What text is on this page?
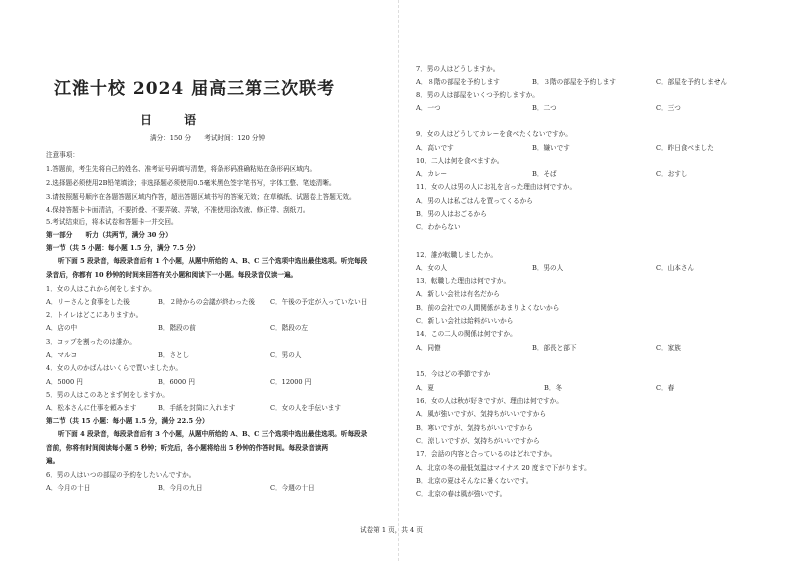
江淮十校 2024 届高三第三次联考
日 语
满分：150 分　　考试时间：120 分钟
注意事项：
1.答题前，考生先将自己的姓名、准考证号码填写清楚，将条形码准确粘贴在条形码区域内。
2.选择题必须使用2B铅笔填涂；非选择题必须使用0.5毫米黑色签字笔书写，字体工整、笔迹清晰。
3.请按照题号顺序在各题答题区域内作答，超出答题区域书写的答案无效；在草稿纸、试题卷上答题无效。
4.保持答题卡卡面清洁，不要折叠、不要弄破、弄皱，不准使用涂改液、修正带、刮纸刀。
5.考试结束后，将本试卷和答题卡一并交回。
第一部分　　听力（共两节，满分 30 分）
第一节（共 5 小题：每小题 1.5 分，满分 7.5 分）
听下面 5 段录音，每段录音后有 1 个小题，从题中所给的 A、B、C 三个选项中选出最佳选项。听完每段
录音后，你都有 10 秒钟的时间来回答有关小题和阅读下一小题。每段录音仅读一遍。
1．女の人はこれから何をしますか。
A．リーさんと食事をした後	B．２時からの会議が終わった後 C．午後の予定が入っていない日
2．トイレはどこにありますか。
A．店の中	B．階段の前	C．階段の左
3．コップを割ったのは誰か。
A．マルコ	B．さとし	C．男の人
4．女の人のかばんはいくらで買いましたか。
A．5000 円	B．6000 円	C．12000 円
5．男の人はこのあとまず何をしますか。
A．松本さんに仕事を頼みます	B．手紙を封筒に入れます	C．女の人を手伝います
第二节（共 15 小题：每小题 1.5 分，满分 22.5 分）
听下面 4 段录音，每段录音后有 3 个小题，从题中所给的 A、B、C 三个选项中选出最佳选项。听每段录
音前，你将有时间阅读每小题 5 秒钟；听完后，各小题将给出 5 秒钟的作答时间。每段录音读两
遍。
6．男の人はいつの部屋の予約をしたいんですか。
A．今月の十日	B．今月の九日	C．今週の十日
7．男の人はどうしますか。
A．８階の部屋を予約します	B．３階の部屋を予約します	C．部屋を予約しません
8．男の人は部屋をいくつ予約しますか。
A．一つ	B．二つ	C．三つ
9．女の人はどうしてカレーを食べたくないですか。
A．高いです	B．嫌いです	C．昨日食べました
10．二人は何を食べますか。
A．カレー	B．そば	C．おすし
11．女の人は男の人にお礼を言った理由は何ですか。
A．男の人は私ごはんを買ってくるから
B．男の人はおごるから
C．わからない
12．誰が転職しましたか。
A．女の人	B．男の人	C．山本さん
13．転職した理由は何ですか。
A．新しい会社は有名だから
B．前の会社での人間関係があまりよくないから
C．新しい会社は給料がいいから
14．この二人の関係は何ですか。
A．同僚	B．部長と部下	C．家族
15．今はどの季節ですか
A．夏	B．冬	C．春
16．女の人は秋が好きですが、理由は何ですか。
A．風が強いですが、気持ちがいいですから
B．寒いですが、気持ちがいいですから
C．涼しいですが、気持ちがいいですから
17．会話の内容と合っているのはどれですか。
A．北京の冬の最低気温はマイナス 20 度まで下がります。
B．北京の夏はそんなに暑くないです。
C．北京の春は風が強いです。
试卷第 1 页，共 4 页
